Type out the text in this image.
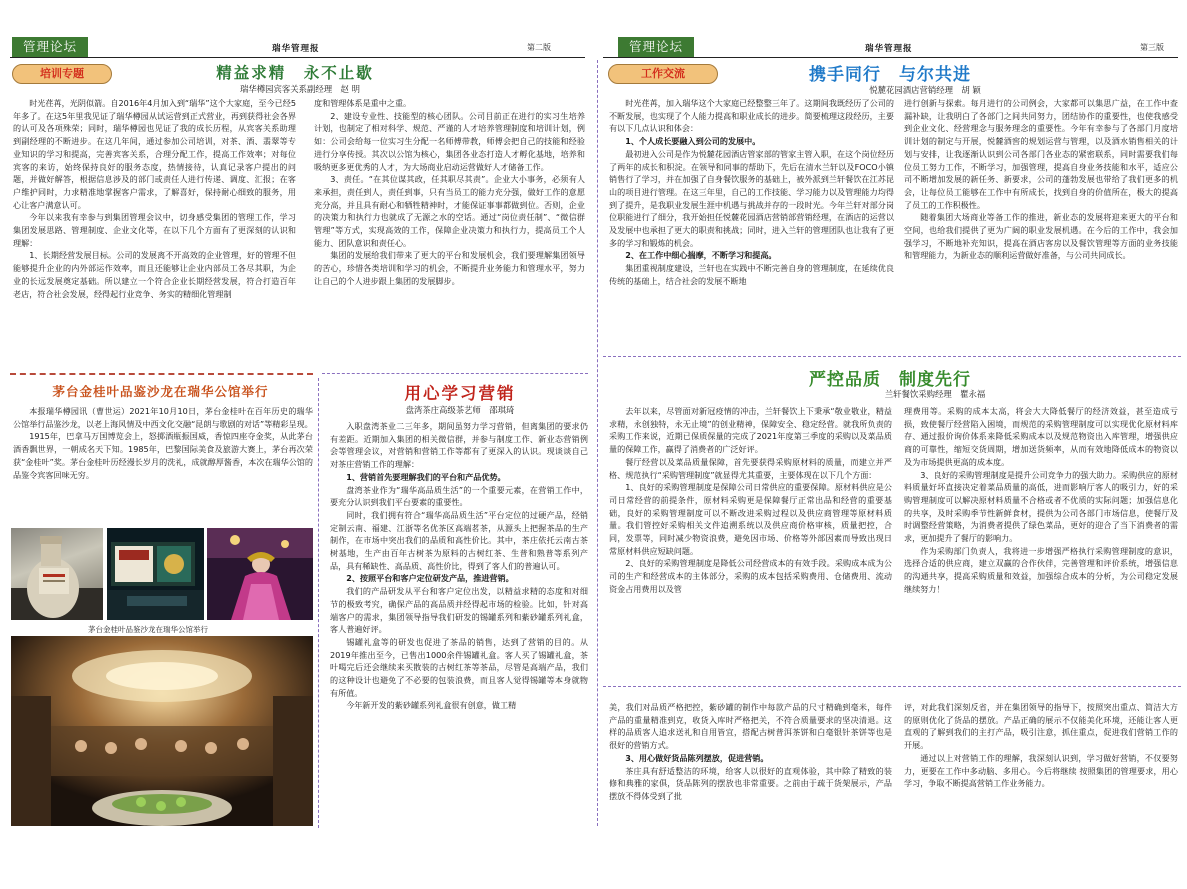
管理论坛	瑞华管理报	第二版	管理论坛	瑞华管理报	第三版
培训专题	精益求精　永不止歇
瑞华樽园宾客关系副经理　赵 明

时光荏苒，光阴似箭。自2016年4月加入到“瑞华”这个大家庭，至今已经5年多了。在这5年里我见证了瑞华樽园从试运营到正式营业，再到获得社会各界的认可及各项殊荣；同时，瑞华樽园也见证了我的成长历程，从宾客关系助理到副经理的不断进步。在这几年间，通过参加公司培训，对茶、酒、翡翠等专业知识的学习和提高，完善宾客关系，合理分配工作，提高工作效率；对每位宾客的来访，始终保持良好的服务态度，热情接待，认真记录客户提出的问题，并做好解答，根据信息涉及的部门或责任人进行传递、调度、汇报；在客户维护同时，力求精准地掌握客户需求，了解喜好，保持耐心细致的服务，用心让客户满意认可。

今年以来我有幸参与到集团管理会议中，切身感受集团的管理工作，学习集团发展思路、管理制度、企业文化等，在以下几个方面有了更深刻的认识和理解：

1、长期经营发展目标。公司的发展离不开高效的企业管理，好的管理不但能够提升企业的内外部运作效率，而且还能够让企业内部员工各尽其职，为企业的长远发展奠定基础。所以建立一个符合企业长期经营发展，符合打造百年老店，符合社会发展，经得起行业竞争、务实的精细化管理制

度和管理体系是重中之重。

2、建设专业性、技能型的核心团队。公司目前正在进行的实习生培养计划，也制定了相对科学、规范、严谨的人才培养管理制度和培训计划，例如：公司会给每一位实习生分配一名师傅带教，师傅会把自己的技能和经验进行分享传授。其次以公馆为核心，集团各业态打造人才孵化基地，培养和吸纳更多更优秀的人才，为大场商业启动运营做好人才储备工作。

3、责任。“在其位谋其政，任其职尽其责”。企业大小事务，必须有人来承担，责任到人，责任到事，只有当员工的能力充分强，做好工作的意愿充分高，并且具有耐心和牺牲精神时，才能保证事事都做到位。否则，企业的决策力和执行力也就成了无源之水的空话。通过“岗位责任制”、“微信群管理”等方式，实现高效的工作，保障企业决策力和执行力，提高员工个人能力、团队意识和责任心。

集团的发展给我们带来了更大的平台和发展机会，我们要理解集团领导的苦心，珍惜各类培训和学习的机会，不断提升业务能力和管理水平，努力让自己的个人进步跟上集团的发展脚步。

工作交流	携手同行　与尔共进
悦麓花园酒店营销经理　胡 颖

时光荏苒，加入瑞华这个大家庭已经整整三年了。这期间我既经历了公司的不断发展，也实现了个人能力提高和职业成长的进步。简要梳理这段经历，主要有以下几点认识和体会：

1、个人成长要融入到公司的发展中。

最初进入公司是作为悦麓花园酒店管家部的管家主管入职，在这个岗位经历了两年的成长和积淀。在领导和同事的帮助下，先后在清水兰轩以及FOCO小镇销售行了学习，并在加强了自身餐饮服务的基础上，被外派到兰轩餐饮在江苏昆山的项目进行管理。在这三年里，自己的工作技能、学习能力以及管理能力均得到了提升，是我职业发展生涯中机遇与挑战并存的一段时光。今年兰轩对部分岗位职能进行了细分，我开始担任悦麓花园酒店营销部营销经理，在酒店的运营以及发展中也承担了更大的职责和挑战；同时，进入兰轩的管理团队也让我有了更多的学习和锻炼的机会。

2、在工作中细心揣摩，不断学习和提高。

集团重视制度建设，兰轩也在实践中不断完善自身的管理制度，在延续优良传统的基础上，结合社会的发展不断地

进行创新与探索。每月进行的公司例会，大家都可以集思广益，在工作中查漏补缺，让我明白了各部门之间共同努力，团结协作的重要性，也使我感受到企业文化、经营理念与服务理念的重要性。今年有幸参与了各部门月度培训计划的制定与开展，悦麓酒窖的规划运营与管理，以及酒水销售相关的计划与安排，让我逐渐认识到公司各部门各业态的紧密联系，同时需要我们每位员工努力工作，不断学习，加强管理，提高自身业务技能和水平，适应公司不断增加发展的新任务、新要求，公司的蓬勃发展也带给了我们更多的机会，让每位员工能够在工作中有所成长，找到自身的价值所在，极大的提高了员工的工作积极性。

随着集团大场商业等备工作的推进，新业态的发展将迎来更大的平台和空间，也给我们提供了更为广阔的职业发展机遇。在今后的工作中，我会加强学习，不断地补充知识，提高在酒店客房以及餐饮管理等方面的业务技能和管理能力，为新业态的顺利运营做好准备，与公司共同成长。

严控品质　制度先行
兰轩餐饮采购经理　瞿永福

去年以来，尽管面对新冠疫情的冲击，兰轩餐饮上下秉承“敬业敬业，精益求精，永创独特，永无止境”的创业精神，保障安全、稳定经营。就我所负责的采购工作来说，近期已保质保量的完成了2021年度第三季度的采购以及菜品质量的保障工作，赢得了消费者的广泛好评。

餐厅经营以及菜品质量保障，首先要获得采购原材料的质量，而建立并严格、规范执行“采购管理制度”就显得尤其重要，主要体现在以下几个方面：

1、良好的采购管理制度是保障公司日常供应的重要保障。原材料供应是公司日常经营的前提条件，原材料采购更是保障餐厅正常出品和经营的重要基础，良好的采购管理制度可以不断改进采购过程以及供应商管理等原材料质量。我们管控好采购相关文件追溯系统以及供应商价格审核，质量把控，合同，发票等，同时减少物资浪费，避免因市场、价格等外部因素而导致出现日常原材料供应短缺问题。

2、良好的采购管理制度是降低公司经营成本的有效手段。采购成本成为公司的生产和经营成本的主体部分，采购的成本包括采购费用、仓储费用、流动资金占用费用以及管

理费用等。采购的成本太高，将会大大降低餐厅的经济效益，甚至造成亏损，致使餐厅经营陷入困境，而规范的采购管理制度可以实现优化原材料库存、通过报价询价体系来降低采购成本以及规范物资出入库管理，增强供应商的可靠性，缩短交货周期，增加送货频率，从而有效地降低成本的物资以及为市场提供更高的成本度。

3、良好的采购管理制度是提升公司竞争力的强大助力。采购供应的原材料质量好坏直接决定着菜品质量的高低，进而影响厅客人的吸引力，好的采购管理制度可以解决原材料质量不合格或者不优质的实际问题；加强信息化的共享，及时采购季节性新鲜食材，提供为公司各部门市场信息，使餐厅及时调整经营策略，为消费者提供了绿色菜品，更好的迎合了当下消费者的需求，更加提升了餐厅的影响力。

作为采购部门负责人，我将进一步增强严格执行采购管理制度的意识，选择合适的供应商，建立双赢的合作伙伴，完善管理和评价系统，增强信息的沟通共享，提高采购质量和效益，加强综合成本的分析，为公司稳定发展继续努力！

茅台金桂叶品鉴沙龙在瑞华公馆举行

本报瑞华樽园讯（曹世运）2021年10月10日，茅台金桂叶在百年历史的瑞华公馆举行品鉴沙龙，以老上海风情及中西文化交融“昆朗与歌剧的对话”等精彩呈现。

1915年，巴拿马万国博览会上，怒掷酒瓶振国威，香惊四座夺金奖，从此茅台酒香飘世界，一朝成名天下知。1985年，巴黎国际美食及旅游大赛上，茅台再次荣获“金桂叶”奖。茅台金桂叶历经漫长岁月的洗礼，成就醇厚酱香，本次在瑞华公馆的品鉴令宾客回味无穷。

茅台金桂叶品鉴沙龙在瑞华公馆举行
用心学习营销
盘湾茶庄高级茶艺师　邵琪琦

入职盘湾茶业二三年多，期间虽努力学习营销，但离集团的要求仍有差距。近期加入集团的相关微信群，并参与制度工作、新业态营销例会等管理会议，对营销和营销工作等都有了更深入的认识。现谈谈自己对茶庄营销工作的理解：

1、营销首先要理解我们的平台和产品优势。

盘湾茶业作为“瑞华高品质生活”的一个重要元素，在营销工作中，要充分认识到我们平台要素的重要性。

同时，我们拥有符合“瑞华高品质生活”平台定位的过硬产品，经销定制云南、福建、江浙等名优茶区高端茗茶，从源头上把握茶品的生产制作，在市场中突出我们的品质和高性价比。其中，茶庄依托云南古茶树基地，生产由百年古树茶为原料的古树红茶、生普和熟普等系列产品，具有稀缺性、高品质、高性价比，得到了客人们的普遍认可。

2、按照平台和客户定位研发产品，推进营销。

我们的产品研发从平台和客户定位出发，以精益求精的态度和对细节的极致考究，确保产品的高品质并经得起市场的检验。比如，针对高端客户的需求，集团领导指导我们研发的锡罐系列和紫砂罐系列礼盒，客人普遍好评。

锡罐礼盒等的研发也促进了茶品的销售，达到了营销的目的。从2019年推出至今，已售出1000余件锡罐礼盒。客人买了锡罐礼盒，茶叶喝完后还会继续来买散装的古树红茶等茶品，尽管是高端产品，我们的这种设计也避免了不必要的包装浪费，而且客人觉得锡罐等本身就物有所值。

今年新开发的紫砂罐系列礼盒很有创意，做工精	美，我们对品质严格把控，紫砂罐的制作中每款产品的尺寸精确到毫米，每件产品的重量精准到克，收货入库时严格把关，不符合质量要求的坚决清退。这样的品质客人追求送礼和自用皆宜，搭配古树普洱茶饼和白毫银针茶饼等也是很好的营销方式。

3、用心做好货品陈列摆放，促进营销。

茶庄具有舒适整洁的环境，给客人以很好的直观体验，其中除了精致的装修和典雅的家俱，货品陈列的摆放也非常重要。之前由于疏于货架展示，产品摆放不得体受到了批

评，对此我们深刻反省，并在集团领导的指导下，按照突出重点、简洁大方的原则优化了货品的摆放。产品正确的展示不仅能美化环境，还能让客人更直观的了解到我们的主打产品，吸引注意，抓住重点，促进我们营销工作的开展。

通过以上对营销工作的理解，我深刻认识到，学习做好营销，不仅要努力，更要在工作中多动脑、多用心。今后将继续 按照集团的管理要求，用心学习，争取不断提高营销工作业务能力。
